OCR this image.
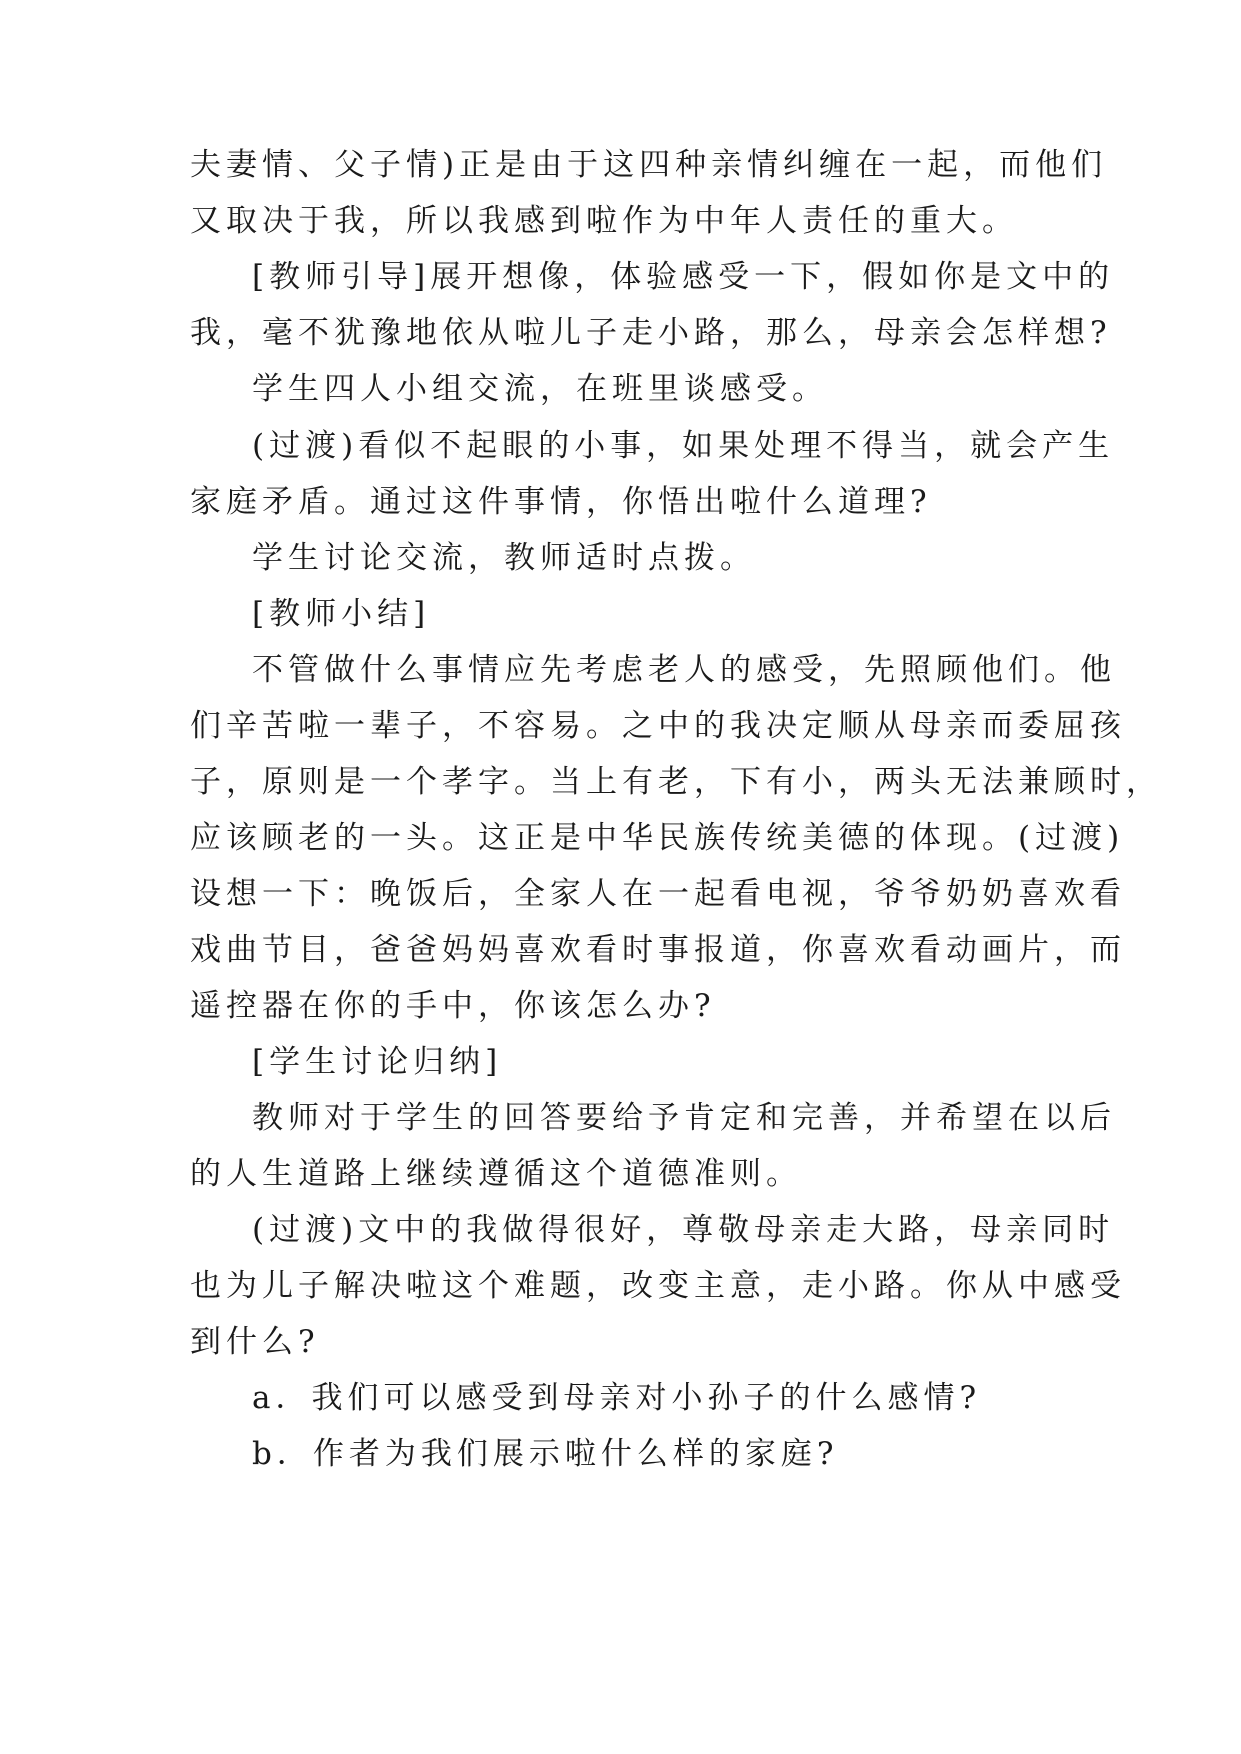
夫妻情、父子情)正是由于这四种亲情纠缠在一起，而他们

又取决于我，所以我感到啦作为中年人责任的重大。

[教师引导]展开想像，体验感受一下，假如你是文中的

我，毫不犹豫地依从啦儿子走小路，那么，母亲会怎样想?

学生四人小组交流，在班里谈感受。

(过渡)看似不起眼的小事，如果处理不得当，就会产生

家庭矛盾。通过这件事情，你悟出啦什么道理?

学生讨论交流，教师适时点拨。

[教师小结]

不管做什么事情应先考虑老人的感受，先照顾他们。他

们辛苦啦一辈子，不容易。之中的我决定顺从母亲而委屈孩

子，原则是一个孝字。当上有老，下有小，两头无法兼顾时，

应该顾老的一头。这正是中华民族传统美德的体现。(过渡)

设想一下：晚饭后，全家人在一起看电视，爷爷奶奶喜欢看

戏曲节目，爸爸妈妈喜欢看时事报道，你喜欢看动画片，而

遥控器在你的手中，你该怎么办?

[学生讨论归纳]

教师对于学生的回答要给予肯定和完善，并希望在以后

的人生道路上继续遵循这个道德准则。

(过渡)文中的我做得很好，尊敬母亲走大路，母亲同时

也为儿子解决啦这个难题，改变主意，走小路。你从中感受

到什么?

a．我们可以感受到母亲对小孙子的什么感情?

b．作者为我们展示啦什么样的家庭?
